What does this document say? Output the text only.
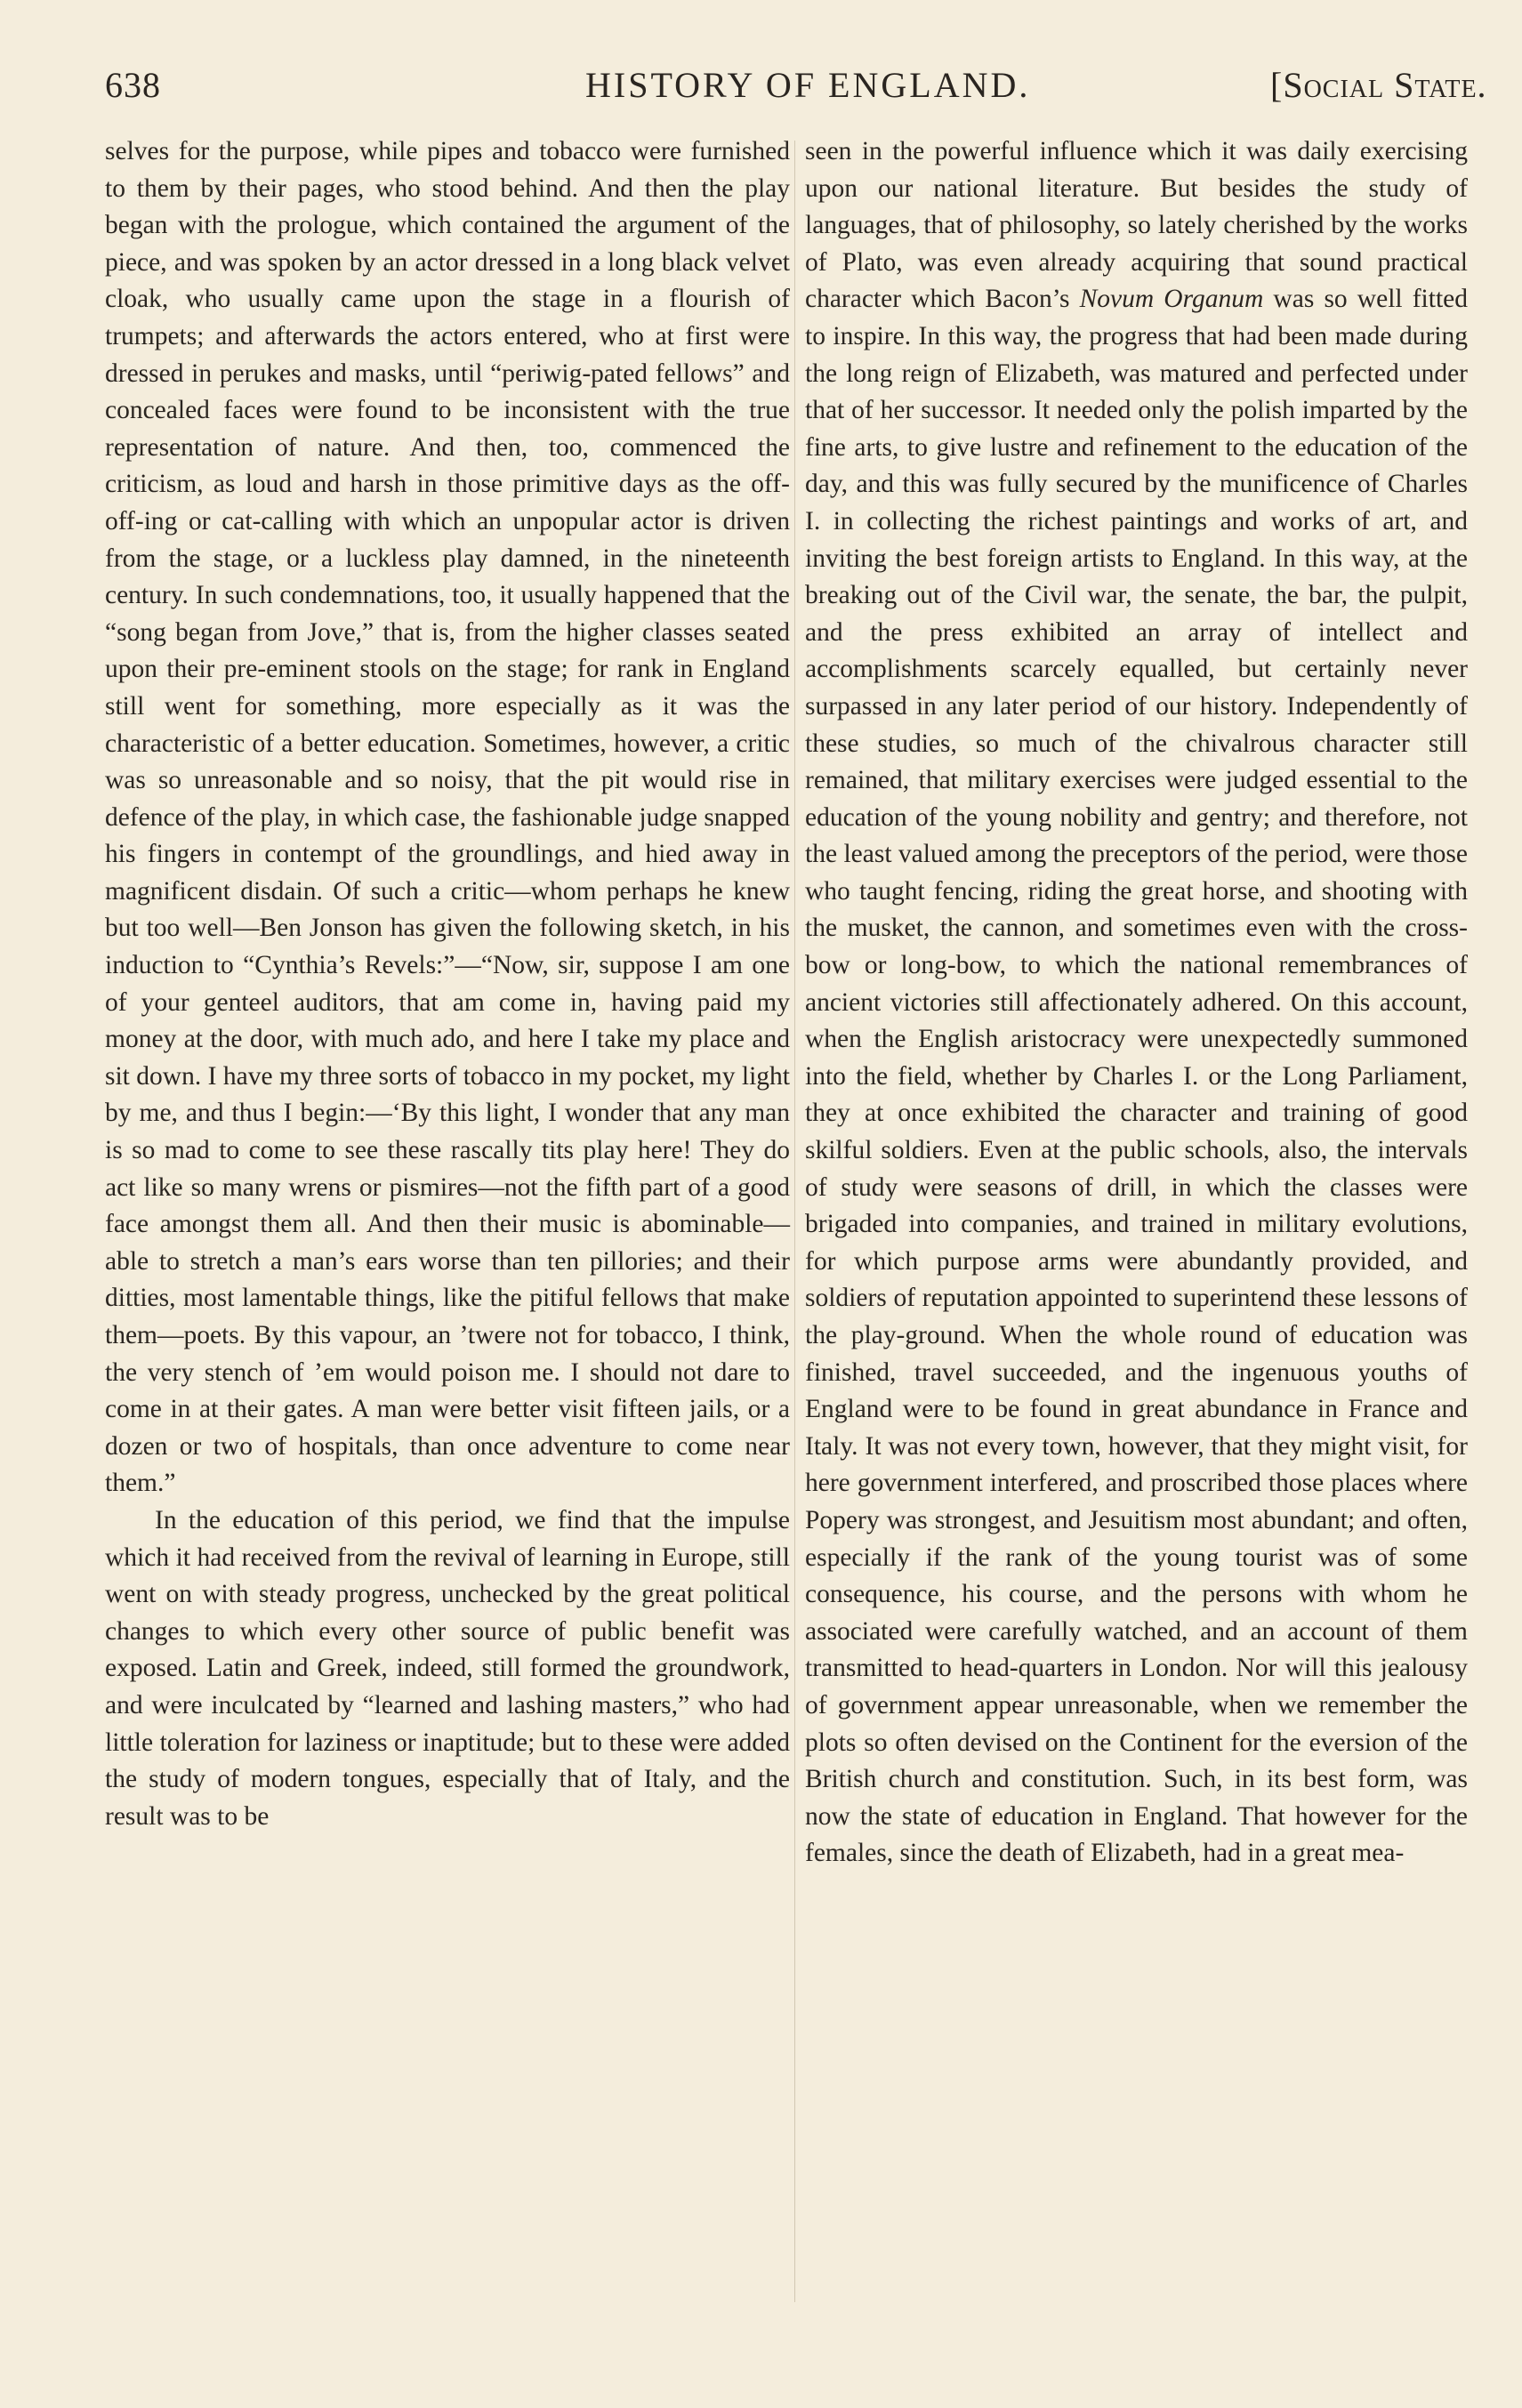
638	HISTORY OF ENGLAND.	[Social State.

selves for the purpose, while pipes and tobacco were furnished to them by their pages, who stood behind. And then the play began with the prologue, which contained the argument of the piece, and was spoken by an actor dressed in a long black velvet cloak, who usually came upon the stage in a flourish of trumpets; and afterwards the actors entered, who at first were dressed in perukes and masks, until “periwig-pated fellows” and concealed faces were found to be inconsistent with the true representation of nature. And then, too, commenced the criticism, as loud and harsh in those primitive days as the off-off-ing or cat-calling with which an unpopular actor is driven from the stage, or a luckless play damned, in the nineteenth century. In such condemnations, too, it usually happened that the “song began from Jove,” that is, from the higher classes seated upon their pre-eminent stools on the stage; for rank in England still went for something, more especially as it was the characteristic of a better education. Sometimes, however, a critic was so unreasonable and so noisy, that the pit would rise in defence of the play, in which case, the fashionable judge snapped his fingers in contempt of the groundlings, and hied away in magnificent disdain. Of such a critic—whom perhaps he knew but too well—Ben Jonson has given the following sketch, in his induction to “Cynthia’s Revels:”—“Now, sir, suppose I am one of your genteel auditors, that am come in, having paid my money at the door, with much ado, and here I take my place and sit down. I have my three sorts of tobacco in my pocket, my light by me, and thus I begin:—‘By this light, I wonder that any man is so mad to come to see these rascally tits play here! They do act like so many wrens or pismires—not the fifth part of a good face amongst them all. And then their music is abominable—able to stretch a man’s ears worse than ten pillories; and their ditties, most lamentable things, like the pitiful fellows that make them—poets. By this vapour, an ’twere not for tobacco, I think, the very stench of ’em would poison me. I should not dare to come in at their gates. A man were better visit fifteen jails, or a dozen or two of hospitals, than once adventure to come near them.”

In the education of this period, we find that the impulse which it had received from the revival of learning in Europe, still went on with steady progress, unchecked by the great political changes to which every other source of public benefit was exposed. Latin and Greek, indeed, still formed the groundwork, and were inculcated by “learned and lashing masters,” who had little toleration for laziness or inaptitude; but to these were added the study of modern tongues, especially that of Italy, and the result was to be

seen in the powerful influence which it was daily exercising upon our national literature. But besides the study of languages, that of philosophy, so lately cherished by the works of Plato, was even already acquiring that sound practical character which Bacon’s Novum Organum was so well fitted to inspire. In this way, the progress that had been made during the long reign of Elizabeth, was matured and perfected under that of her successor. It needed only the polish imparted by the fine arts, to give lustre and refinement to the education of the day, and this was fully secured by the munificence of Charles I. in collecting the richest paintings and works of art, and inviting the best foreign artists to England. In this way, at the breaking out of the Civil war, the senate, the bar, the pulpit, and the press exhibited an array of intellect and accomplishments scarcely equalled, but certainly never surpassed in any later period of our history. Independently of these studies, so much of the chivalrous character still remained, that military exercises were judged essential to the education of the young nobility and gentry; and therefore, not the least valued among the preceptors of the period, were those who taught fencing, riding the great horse, and shooting with the musket, the cannon, and sometimes even with the cross-bow or long-bow, to which the national remembrances of ancient victories still affectionately adhered. On this account, when the English aristocracy were unexpectedly summoned into the field, whether by Charles I. or the Long Parliament, they at once exhibited the character and training of good skilful soldiers. Even at the public schools, also, the intervals of study were seasons of drill, in which the classes were brigaded into companies, and trained in military evolutions, for which purpose arms were abundantly provided, and soldiers of reputation appointed to superintend these lessons of the play-ground. When the whole round of education was finished, travel succeeded, and the ingenuous youths of England were to be found in great abundance in France and Italy. It was not every town, however, that they might visit, for here government interfered, and proscribed those places where Popery was strongest, and Jesuitism most abundant; and often, especially if the rank of the young tourist was of some consequence, his course, and the persons with whom he associated were carefully watched, and an account of them transmitted to head-quarters in London. Nor will this jealousy of government appear unreasonable, when we remember the plots so often devised on the Continent for the eversion of the British church and constitution. Such, in its best form, was now the state of education in England. That however for the females, since the death of Elizabeth, had in a great mea-
